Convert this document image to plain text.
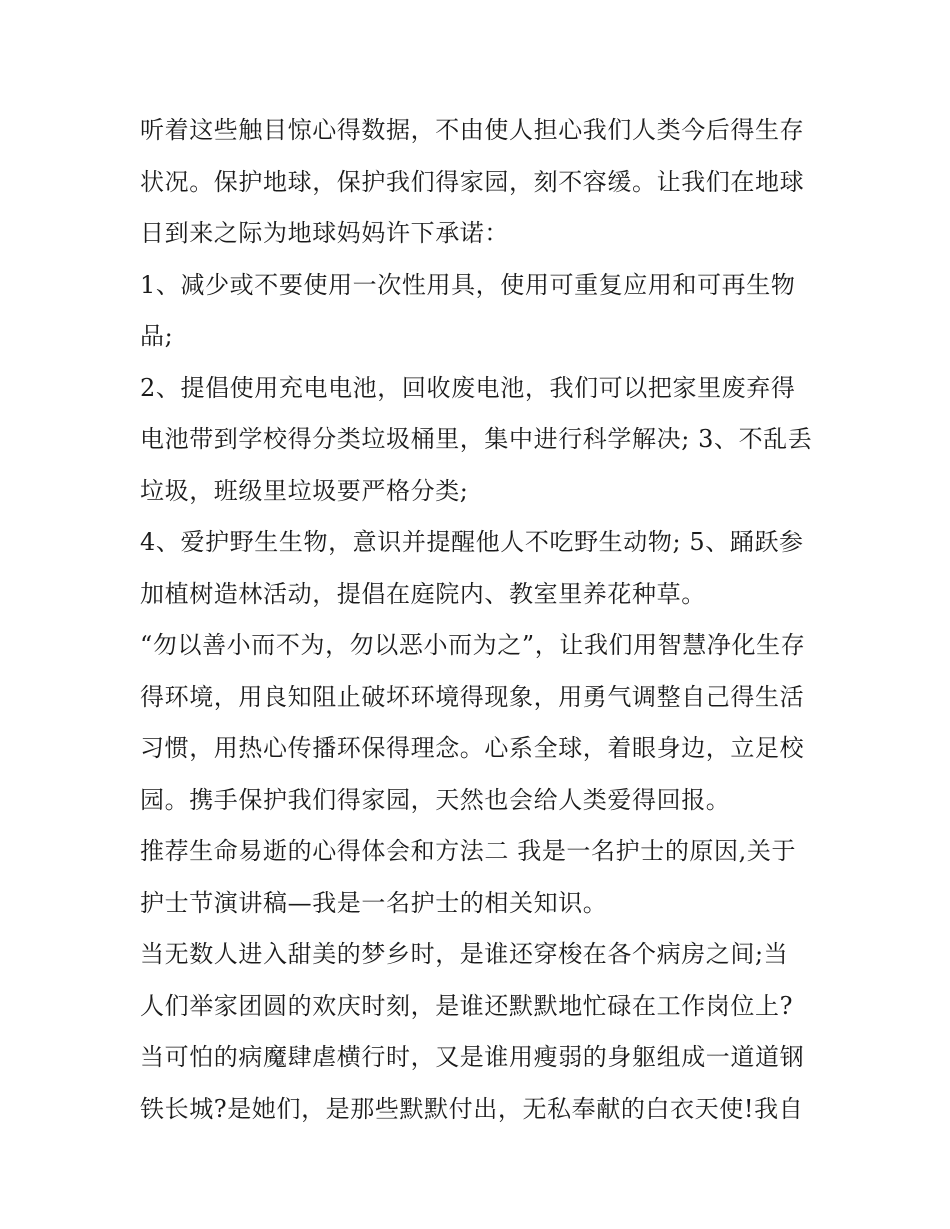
听着这些触目惊心得数据，不由使人担心我们人类今后得生存
状况。保护地球，保护我们得家园，刻不容缓。让我们在地球
日到来之际为地球妈妈许下承诺：
1、减少或不要使用一次性用具，使用可重复应用和可再生物
品;
2、提倡使用充电电池，回收废电池，我们可以把家里废弃得
电池带到学校得分类垃圾桶里，集中进行科学解决; 3、不乱丢
垃圾，班级里垃圾要严格分类;
4、爱护野生生物，意识并提醒他人不吃野生动物; 5、踊跃参
加植树造林活动，提倡在庭院内、教室里养花种草。
“勿以善小而不为，勿以恶小而为之”，让我们用智慧净化生存
得环境，用良知阻止破坏环境得现象，用勇气调整自己得生活
习惯，用热心传播环保得理念。心系全球，着眼身边，立足校
园。携手保护我们得家园，天然也会给人类爱得回报。
推荐生命易逝的心得体会和方法二 我是一名护士的原因,关于
护士节演讲稿—我是一名护士的相关知识。
当无数人进入甜美的梦乡时，是谁还穿梭在各个病房之间;当
人们举家团圆的欢庆时刻，是谁还默默地忙碌在工作岗位上?
当可怕的病魔肆虐横行时，又是谁用瘦弱的身躯组成一道道钢
铁长城?是她们，是那些默默付出，无私奉献的白衣天使!我自
